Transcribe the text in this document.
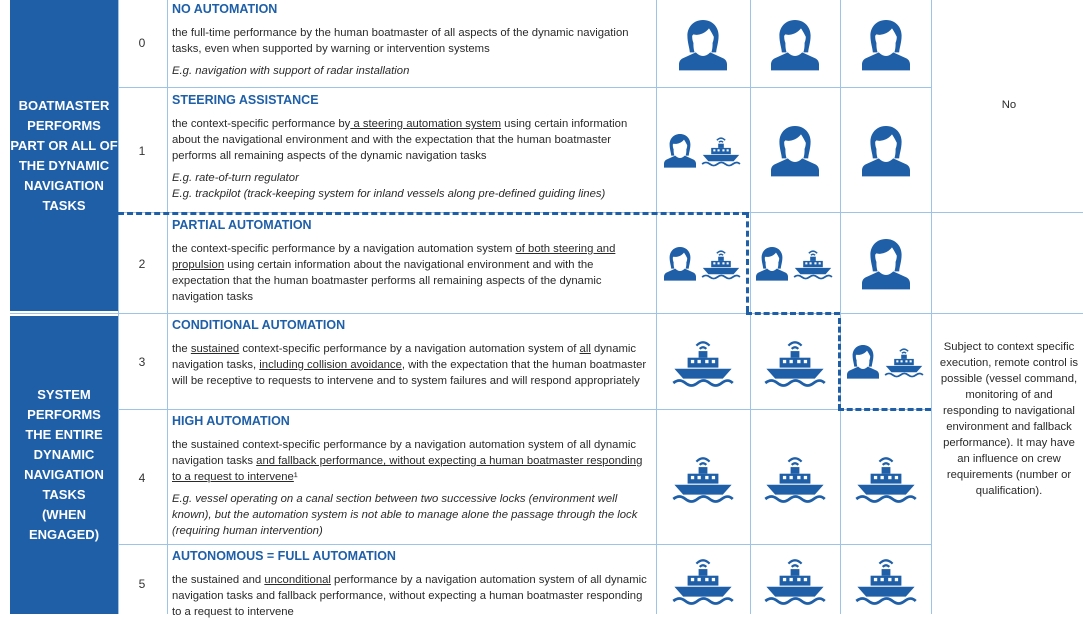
BOATMASTER
PERFORMS
PART OR ALL OF
THE DYNAMIC
NAVIGATION
TASKS
SYSTEM
PERFORMS
THE ENTIRE
DYNAMIC
NAVIGATION
TASKS
(WHEN
ENGAGED)
0
1
2
3
4
5
NO AUTOMATION
the full-time performance by the human boatmaster of all aspects of the dynamic navigation tasks, even when supported by warning or intervention systems
E.g. navigation with support of radar installation
STEERING ASSISTANCE
the context-specific performance by a steering automation system using certain information about the navigational environment and with the expectation that the human boatmaster performs all remaining aspects of the dynamic navigation tasks
E.g. rate-of-turn regulator
E.g. trackpilot (track-keeping system for inland vessels along pre-defined guiding lines)
PARTIAL AUTOMATION
the context-specific performance by a navigation automation system of both steering and propulsion using certain information about the navigational environment and with the expectation that the human boatmaster performs all remaining aspects of the dynamic navigation tasks
CONDITIONAL AUTOMATION
the sustained context-specific performance by a navigation automation system of all dynamic navigation tasks, including collision avoidance, with the expectation that the human boatmaster will be receptive to requests to intervene and to system failures and will respond appropriately
HIGH AUTOMATION
the sustained context-specific performance by a navigation automation system of all dynamic navigation tasks and fallback performance, without expecting a human boatmaster responding to a request to intervene¹
E.g. vessel operating on a canal section between two successive locks (environment well known), but the automation system is not able to manage alone the passage through the lock (requiring human intervention)
AUTONOMOUS = FULL AUTOMATION
the sustained and unconditional performance by a navigation automation system of all dynamic navigation tasks and fallback performance, without expecting a human boatmaster responding to a request to intervene
No
Subject to context specific execution, remote control is possible (vessel command, monitoring of and responding to navigational environment and fallback performance). It may have an influence on crew requirements (number or qualification).
